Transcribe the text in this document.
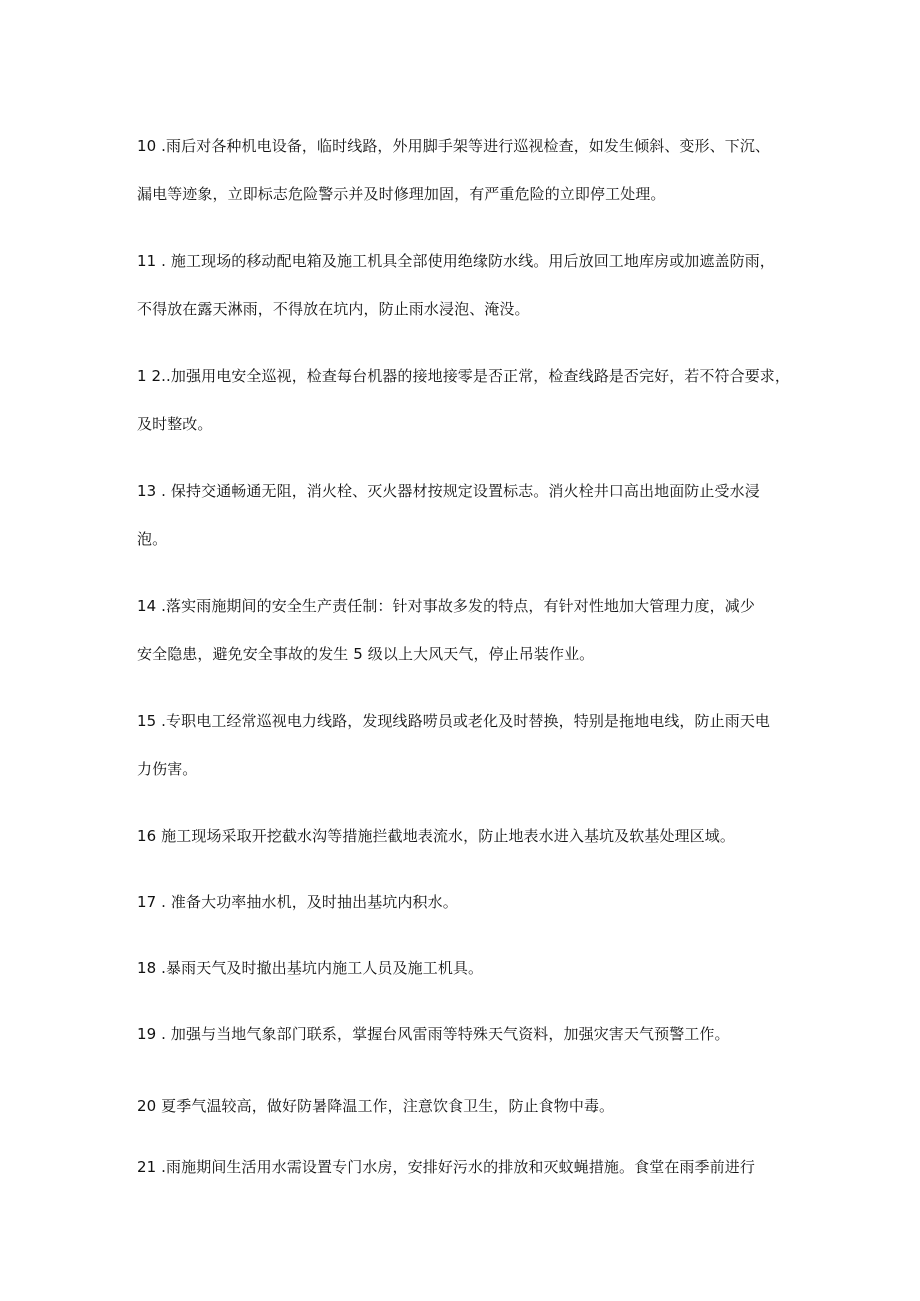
10 .雨后对各种机电设备，临时线路，外用脚手架等进行巡视检查，如发生倾斜、变形、下沉、
漏电等迹象，立即标志危险警示并及时修理加固，有严重危险的立即停工处理。
11 . 施工现场的移动配电箱及施工机具全部使用绝缘防水线。用后放回工地库房或加遮盖防雨，
不得放在露天淋雨，不得放在坑内，防止雨水浸泡、淹没。
1 2..加强用电安全巡视，检查每台机器的接地接零是否正常，检查线路是否完好，若不符合要求，
及时整改。
13 . 保持交通畅通无阻，消火栓、灭火器材按规定设置标志。消火栓井口高出地面防止受水浸
泡。
14 .落实雨施期间的安全生产责任制：针对事故多发的特点，有针对性地加大管理力度，减少
安全隐患，避免安全事故的发生 5 级以上大风天气，停止吊装作业。
15 .专职电工经常巡视电力线路，发现线路唠员或老化及时替换，特别是拖地电线，防止雨天电
力伤害。
16 施工现场采取开挖截水沟等措施拦截地表流水，防止地表水进入基坑及软基处理区域。
17 . 准备大功率抽水机，及时抽出基坑内积水。
18 .暴雨天气及时撤出基坑内施工人员及施工机具。
19 . 加强与当地气象部门联系，掌握台风雷雨等特殊天气资料，加强灾害天气预警工作。
20 夏季气温较高，做好防暑降温工作，注意饮食卫生，防止食物中毒。
21 .雨施期间生活用水需设置专门水房，安排好污水的排放和灭蚊蝇措施。食堂在雨季前进行
